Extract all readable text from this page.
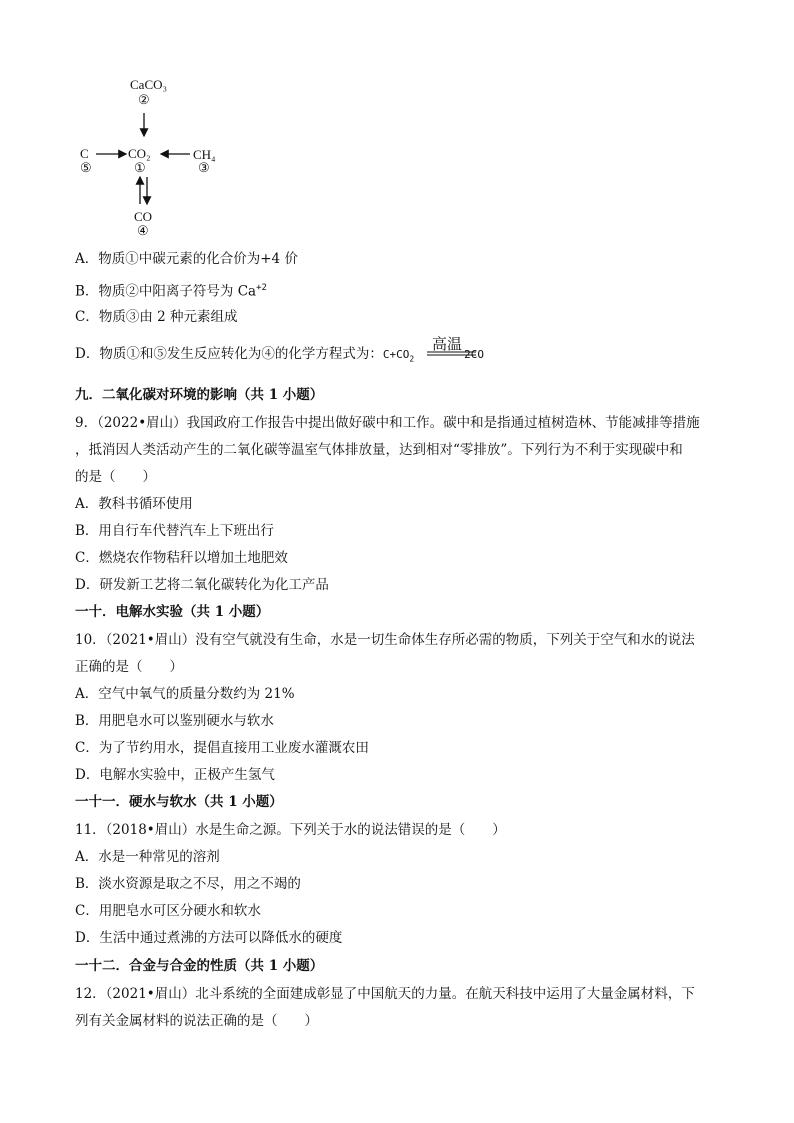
CaCO₃
②
C
⑤
CO₂
①
CH₄
③
CO
④
A．物质①中碳元素的化合价为+4 价
B．物质②中阳离子符号为 $Ca^{+2}$
C．物质③由 2 种元素组成
D．物质①和⑤发生反应转化为④的化学方程式为：$C+CO_2$	2CO
高温
九．二氧化碳对环境的影响（共 1 小题）
9．（2022•眉山）我国政府工作报告中提出做好碳中和工作。碳中和是指通过植树造林、节能减排等措施
，抵消因人类活动产生的二氧化碳等温室气体排放量，达到相对“零排放”。下列行为不利于实现碳中和
的是（　　）
A．教科书循环使用
B．用自行车代替汽车上下班出行
C．燃烧农作物秸秆以增加土地肥效
D．研发新工艺将二氧化碳转化为化工产品
一十．电解水实验（共 1 小题）
10．（2021•眉山）没有空气就没有生命，水是一切生命体生存所必需的物质，下列关于空气和水的说法
正确的是（　　）
A．空气中氧气的质量分数约为 21%
B．用肥皂水可以鉴别硬水与软水
C．为了节约用水，提倡直接用工业废水灌溉农田
D．电解水实验中，正极产生氢气
一十一．硬水与软水（共 1 小题）
11．（2018•眉山）水是生命之源。下列关于水的说法错误的是（　　）
A．水是一种常见的溶剂
B．淡水资源是取之不尽，用之不竭的
C．用肥皂水可区分硬水和软水
D．生活中通过煮沸的方法可以降低水的硬度
一十二．合金与合金的性质（共 1 小题）
12．（2021•眉山）北斗系统的全面建成彰显了中国航天的力量。在航天科技中运用了大量金属材料，下
列有关金属材料的说法正确的是（　　）
